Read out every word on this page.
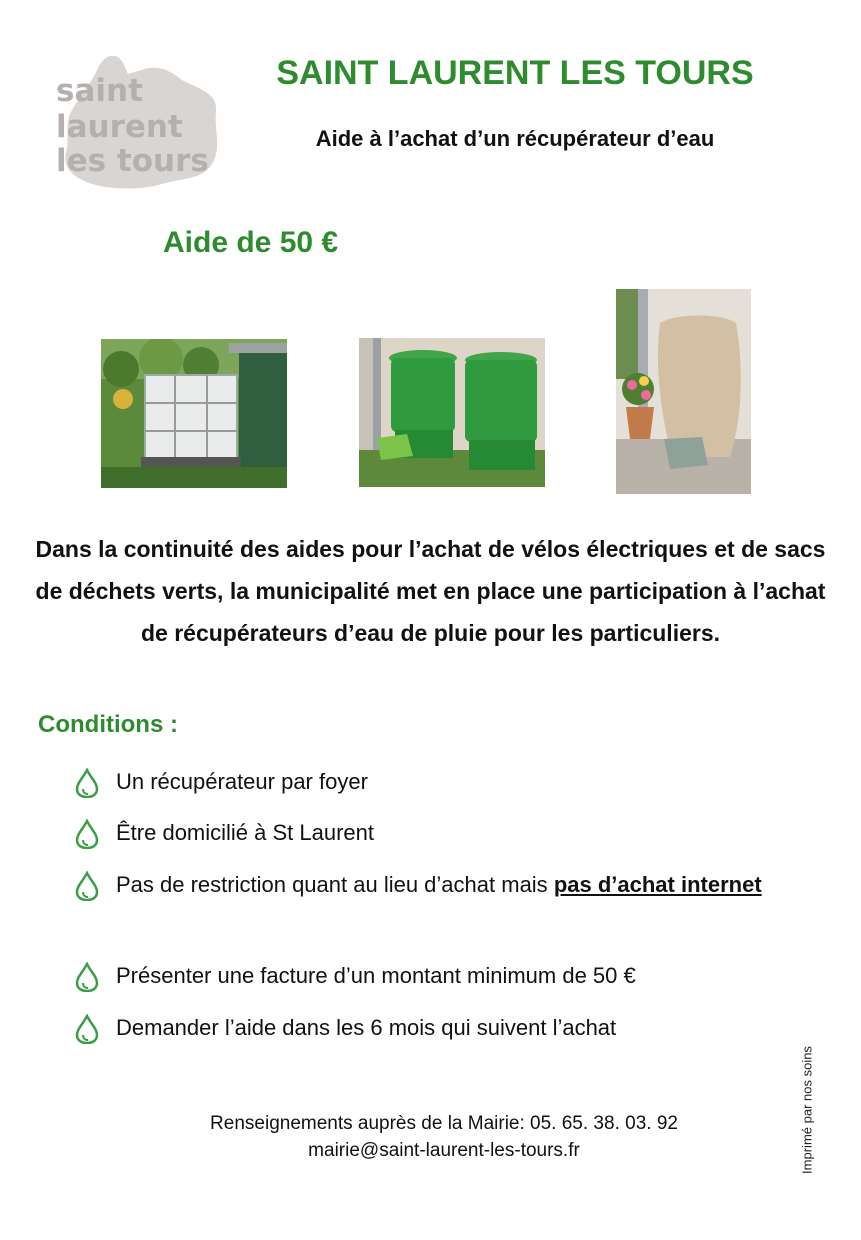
saint
laurent
les tours
SAINT LAURENT LES TOURS
Aide à l’achat d’un récupérateur d’eau
Aide de 50 €
Dans la continuité des aides pour l’achat de vélos électriques et de sacs de déchets verts, la municipalité met en place une participation à l’achat de récupérateurs d’eau de pluie pour les particuliers.
Conditions :
Un récupérateur par foyer
Être domicilié à St Laurent
Pas de restriction quant au lieu d’achat mais pas d’achat internet
Présenter une facture d’un montant minimum de 50 €
Demander l’aide dans les 6 mois qui suivent l’achat
Renseignements auprès de la Mairie: 05. 65. 38. 03. 92
mairie@saint-laurent-les-tours.fr	Imprimé par nos soins
